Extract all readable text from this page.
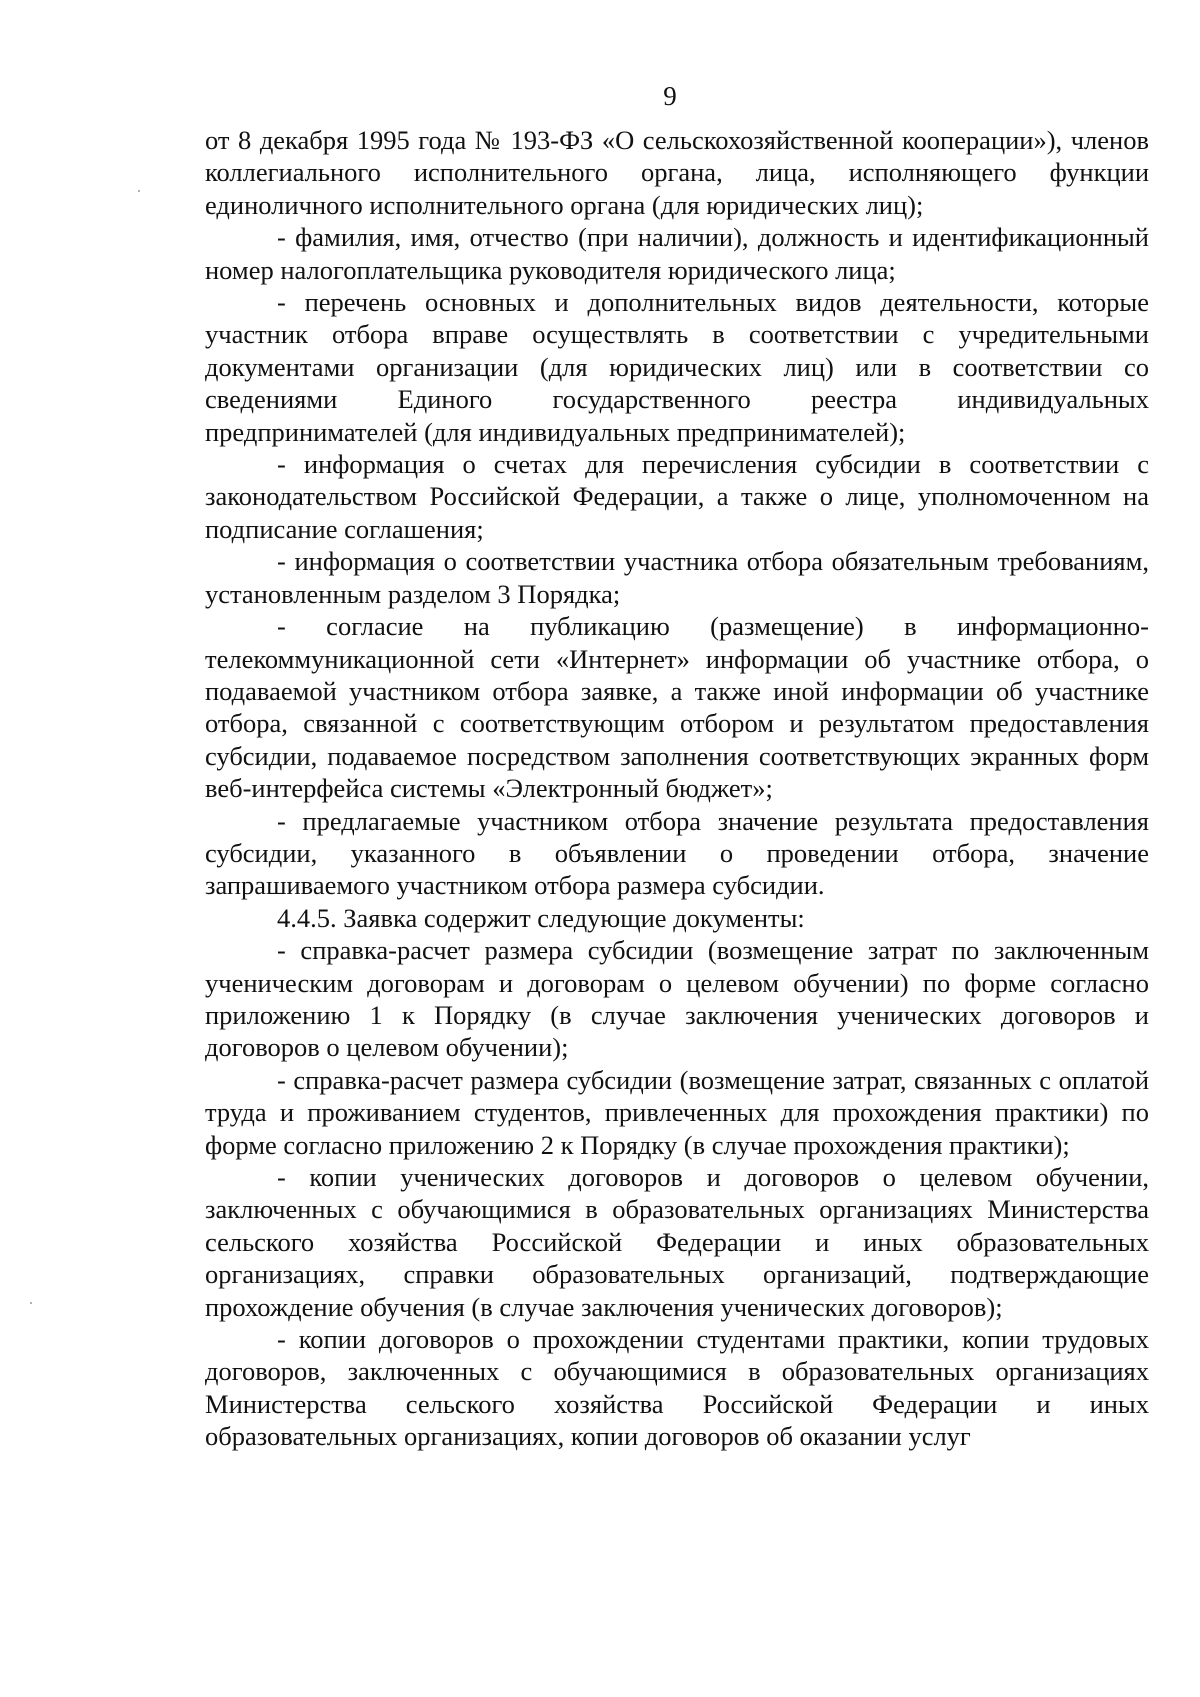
9

от 8 декабря 1995 года № 193-ФЗ «О сельскохозяйственной кооперации»), членов коллегиального исполнительного органа, лица, исполняющего функции единоличного исполнительного органа (для юридических лиц);

- фамилия, имя, отчество (при наличии), должность и идентификационный номер налогоплательщика руководителя юридического лица;

- перечень основных и дополнительных видов деятельности, которые участник отбора вправе осуществлять в соответствии с учредительными документами организации (для юридических лиц) или в соответствии со сведениями Единого государственного реестра индивидуальных предпринимателей (для индивидуальных предпринимателей);

- информация о счетах для перечисления субсидии в соответствии с законодательством Российской Федерации, а также о лице, уполномоченном на подписание соглашения;

- информация о соответствии участника отбора обязательным требованиям, установленным разделом 3 Порядка;

- согласие на публикацию (размещение) в информационно-телекоммуникационной сети «Интернет» информации об участнике отбора, о подаваемой участником отбора заявке, а также иной информации об участнике отбора, связанной с соответствующим отбором и результатом предоставления субсидии, подаваемое посредством заполнения соответствующих экранных форм веб-интерфейса системы «Электронный бюджет»;

- предлагаемые участником отбора значение результата предоставления субсидии, указанного в объявлении о проведении отбора, значение запрашиваемого участником отбора размера субсидии.

4.4.5. Заявка содержит следующие документы:

- справка-расчет размера субсидии (возмещение затрат по заключенным ученическим договорам и договорам о целевом обучении) по форме согласно приложению 1 к Порядку (в случае заключения ученических договоров и договоров о целевом обучении);

- справка-расчет размера субсидии (возмещение затрат, связанных с оплатой труда и проживанием студентов, привлеченных для прохождения практики) по форме согласно приложению 2 к Порядку (в случае прохождения практики);

- копии ученических договоров и договоров о целевом обучении, заключенных с обучающимися в образовательных организациях Министерства сельского хозяйства Российской Федерации и иных образовательных организациях, справки образовательных организаций, подтверждающие прохождение обучения (в случае заключения ученических договоров);

- копии договоров о прохождении студентами практики, копии трудовых договоров, заключенных с обучающимися в образовательных организациях Министерства сельского хозяйства Российской Федерации и иных образовательных организациях, копии договоров об оказании услуг
